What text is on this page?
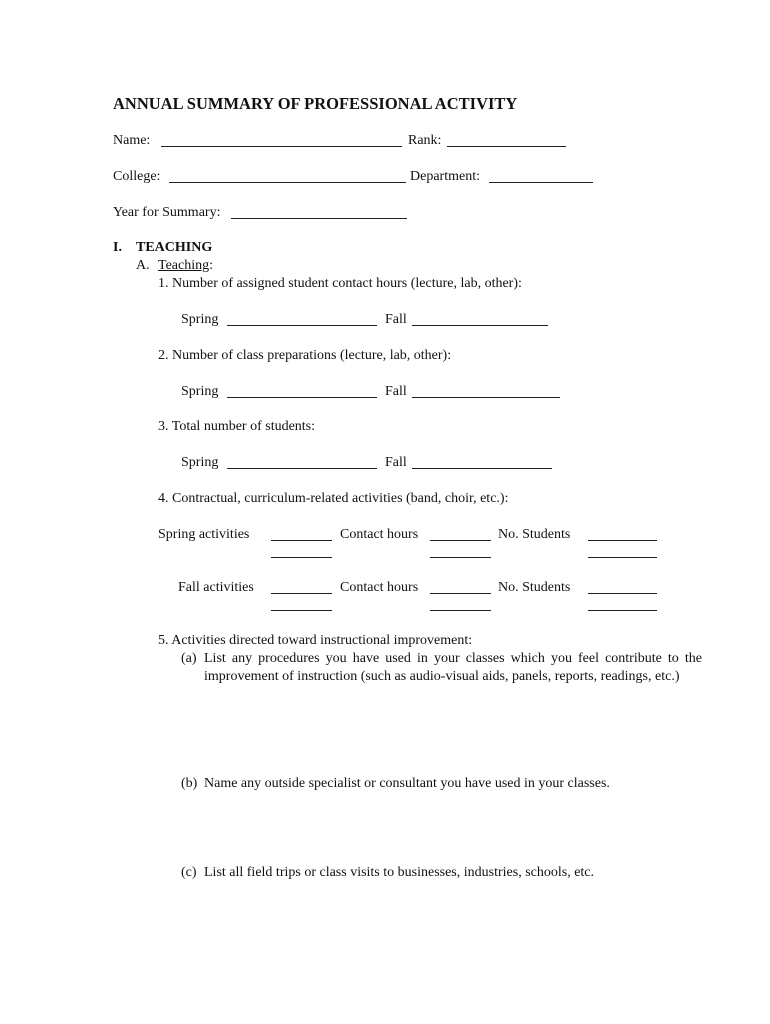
ANNUAL SUMMARY OF PROFESSIONAL ACTIVITY
Name:	Rank:
College:	Department:
Year for Summary:
I. TEACHING
A. Teaching:
1. Number of assigned student contact hours (lecture, lab, other):
Spring	Fall
2. Number of class preparations (lecture, lab, other):
Spring	Fall
3. Total number of students:
Spring	Fall
4. Contractual, curriculum-related activities (band, choir, etc.):
Spring activities	Contact hours	No. Students
Fall activities	Contact hours	No. Students
5. Activities directed toward instructional improvement:
(a) List any procedures you have used in your classes which you feel contribute to the improvement of instruction (such as audio-visual aids, panels, reports, readings, etc.)
(b) Name any outside specialist or consultant you have used in your classes.
(c) List all field trips or class visits to businesses, industries, schools, etc.
